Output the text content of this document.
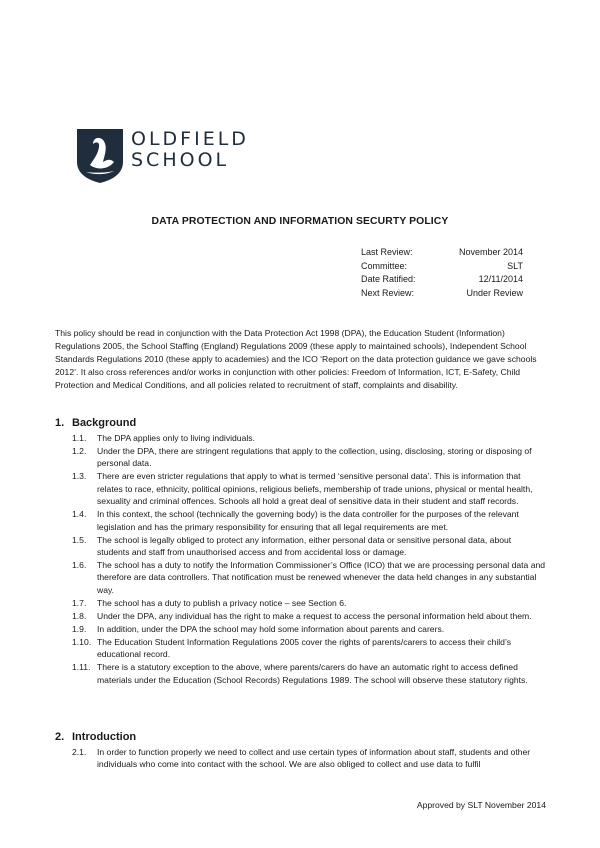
OLDFIELD
SCHOOL
DATA PROTECTION AND INFORMATION SECURTY POLICY
Last Review:	November 2014
Committee:	SLT
Date Ratified:	12/11/2014
Next Review:	Under Review
This policy should be read in conjunction with the Data Protection Act 1998 (DPA), the Education Student (Information) Regulations 2005, the School Staffing (England) Regulations 2009 (these apply to maintained schools), Independent School Standards Regulations 2010 (these apply to academies) and the ICO ‘Report on the data protection guidance we gave schools 2012’. It also cross references and/or works in conjunction with other policies: Freedom of Information, ICT, E-Safety, Child Protection and Medical Conditions, and all policies related to recruitment of staff, complaints and disability.
1. Background
1.1.	The DPA applies only to living individuals.
1.2.	Under the DPA, there are stringent regulations that apply to the collection, using, disclosing, storing or disposing of personal data.
1.3.	There are even stricter regulations that apply to what is termed ‘sensitive personal data’. This is information that relates to race, ethnicity, political opinions, religious beliefs, membership of trade unions, physical or mental health, sexuality and criminal offences. Schools all hold a great deal of sensitive data in their student and staff records.
1.4.	In this context, the school (technically the governing body) is the data controller for the purposes of the relevant legislation and has the primary responsibility for ensuring that all legal requirements are met.
1.5.	The school is legally obliged to protect any information, either personal data or sensitive personal data, about students and staff from unauthorised access and from accidental loss or damage.
1.6.	The school has a duty to notify the Information Commissioner’s Office (ICO) that we are processing personal data and therefore are data controllers. That notification must be renewed whenever the data held changes in any substantial way.
1.7.	The school has a duty to publish a privacy notice – see Section 6.
1.8.	Under the DPA, any individual has the right to make a request to access the personal information held about them.
1.9.	In addition, under the DPA the school may hold some information about parents and carers.
1.10. The Education Student Information Regulations 2005 cover the rights of parents/carers to access their child’s educational record.
1.11. There is a statutory exception to the above, where parents/carers do have an automatic right to access defined materials under the Education (School Records) Regulations 1989. The school will observe these statutory rights.
2. Introduction
2.1.	In order to function properly we need to collect and use certain types of information about staff, students and other individuals who come into contact with the school. We are also obliged to collect and use data to fulfil
Approved by SLT November 2014
